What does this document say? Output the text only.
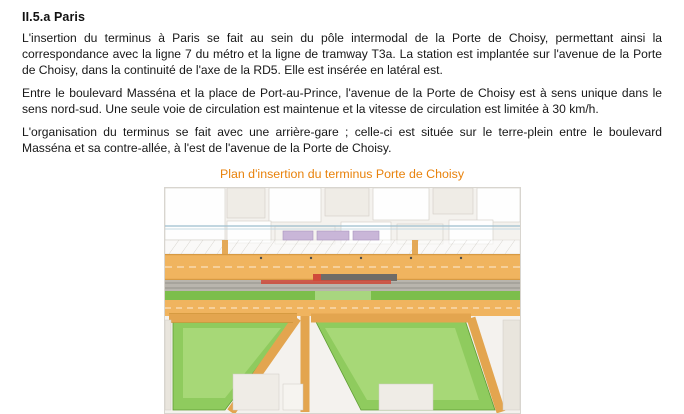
II.5.a Paris

L'insertion du terminus à Paris se fait au sein du pôle intermodal de la Porte de Choisy, permettant ainsi la correspondance avec la ligne 7 du métro et la ligne de tramway T3a. La station est implantée sur l'avenue de la Porte de Choisy, dans la continuité de l'axe de la RD5. Elle est insérée en latéral est.

Entre le boulevard Masséna et la place de Port-au-Prince, l'avenue de la Porte de Choisy est à sens unique dans le sens nord-sud. Une seule voie de circulation est maintenue et la vitesse de circulation est limitée à 30 km/h.

L'organisation du terminus se fait avec une arrière-gare ; celle-ci est située sur le terre-plein entre le boulevard Masséna et sa contre-allée, à l'est de l'avenue de la Porte de Choisy.

Plan d'insertion du terminus Porte de Choisy
